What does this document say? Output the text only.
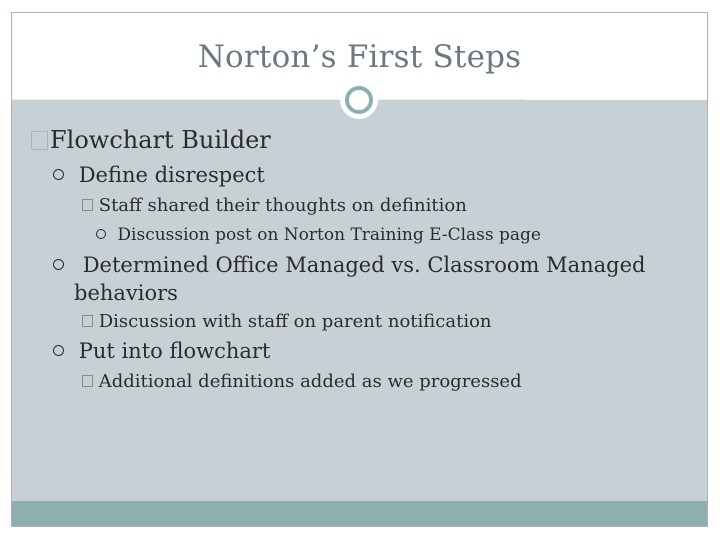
Norton’s First Steps
Flowchart Builder
Define disrespect
Staff shared their thoughts on definition
Discussion post on Norton Training E-Class page
Determined Office Managed vs. Classroom Managed
behaviors
Discussion with staff on parent notification
Put into flowchart
Additional definitions added as we progressed
